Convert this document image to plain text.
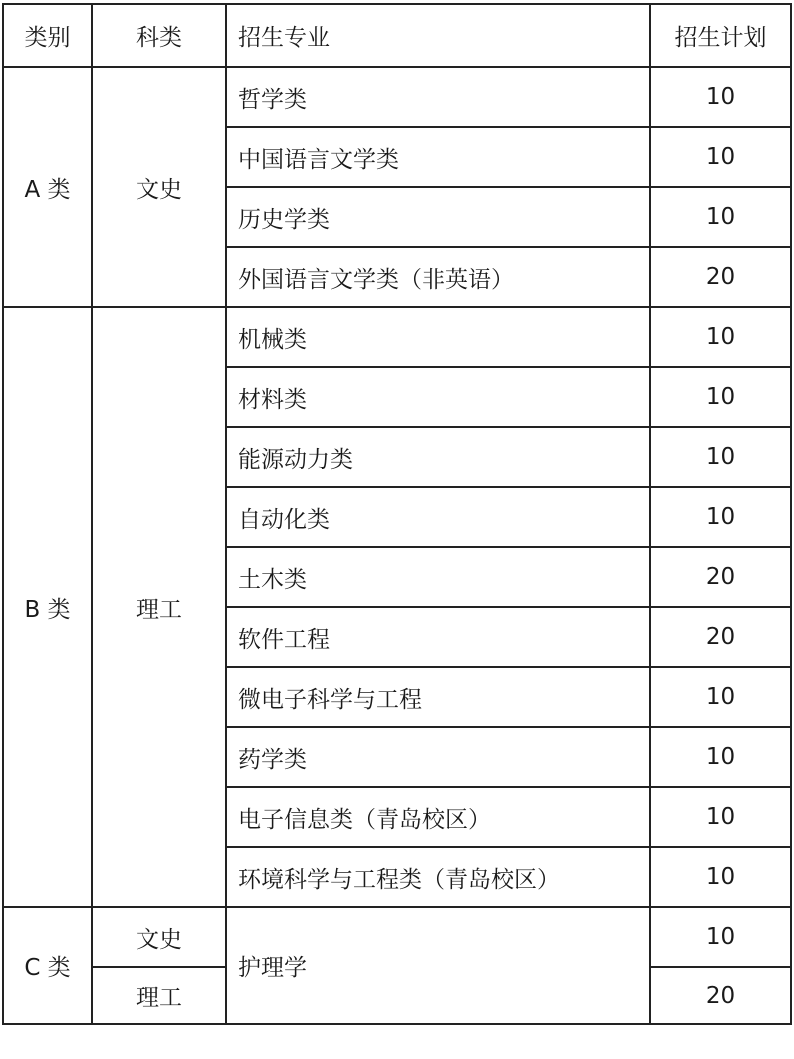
类别	科类	招生专业	招生计划
A 类	文史	哲学类	10
		中国语言文学类	10
		历史学类	10
		外国语言文学类（非英语）	20
B 类	理工	机械类	10
		材料类	10
		能源动力类	10
		自动化类	10
		土木类	20
		软件工程	20
		微电子科学与工程	10
		药学类	10
		电子信息类（青岛校区）	10
		环境科学与工程类（青岛校区）	10
C 类	文史	护理学	10
	理工		20
